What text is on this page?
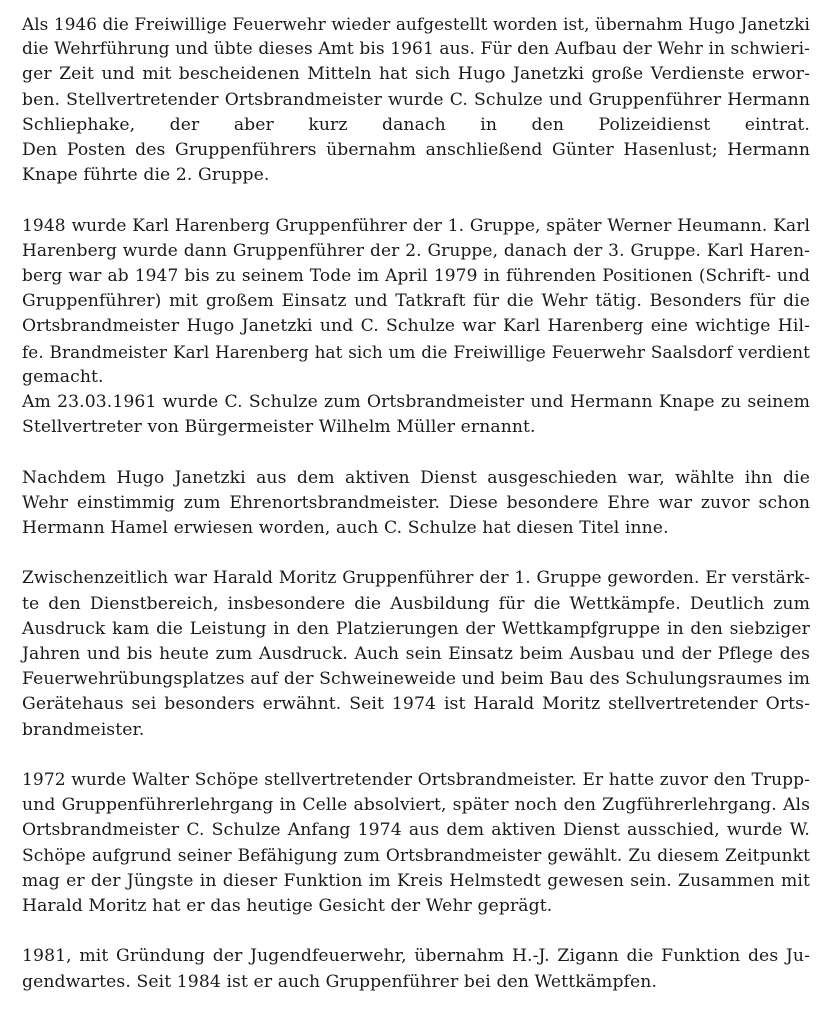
Als 1946 die Freiwillige Feuerwehr wieder aufgestellt worden ist, übernahm Hugo Janetzki
die Wehrführung und übte dieses Amt bis 1961 aus. Für den Aufbau der Wehr in schwieri-
ger Zeit und mit bescheidenen Mitteln hat sich Hugo Janetzki große Verdienste erwor-
ben. Stellvertretender Ortsbrandmeister wurde C. Schulze und Gruppenführer Hermann
Schliephake, der aber kurz danach in den Polizeidienst eintrat.
Den Posten des Gruppenführers übernahm anschließend Günter Hasenlust; Hermann
Knape führte die 2. Gruppe.

1948 wurde Karl Harenberg Gruppenführer der 1. Gruppe, später Werner Heumann. Karl
Harenberg wurde dann Gruppenführer der 2. Gruppe, danach der 3. Gruppe. Karl Haren-
berg war ab 1947 bis zu seinem Tode im April 1979 in führenden Positionen (Schrift- und
Gruppenführer) mit großem Einsatz und Tatkraft für die Wehr tätig. Besonders für die
Ortsbrandmeister Hugo Janetzki und C. Schulze war Karl Harenberg eine wichtige Hil-
fe. Brandmeister Karl Harenberg hat sich um die Freiwillige Feuerwehr Saalsdorf verdient
gemacht.
Am 23.03.1961 wurde C. Schulze zum Ortsbrandmeister und Hermann Knape zu seinem
Stellvertreter von Bürgermeister Wilhelm Müller ernannt.

Nachdem Hugo Janetzki aus dem aktiven Dienst ausgeschieden war, wählte ihn die
Wehr einstimmig zum Ehrenortsbrandmeister. Diese besondere Ehre war zuvor schon
Hermann Hamel erwiesen worden, auch C. Schulze hat diesen Titel inne.

Zwischenzeitlich war Harald Moritz Gruppenführer der 1. Gruppe geworden. Er verstärk-
te den Dienstbereich, insbesondere die Ausbildung für die Wettkämpfe. Deutlich zum
Ausdruck kam die Leistung in den Platzierungen der Wettkampfgruppe in den siebziger
Jahren und bis heute zum Ausdruck. Auch sein Einsatz beim Ausbau und der Pflege des
Feuerwehrübungsplatzes auf der Schweineweide und beim Bau des Schulungsraumes im
Gerätehaus sei besonders erwähnt. Seit 1974 ist Harald Moritz stellvertretender Orts-
brandmeister.

1972 wurde Walter Schöpe stellvertretender Ortsbrandmeister. Er hatte zuvor den Trupp-
und Gruppenführerlehrgang in Celle absolviert, später noch den Zugführerlehrgang. Als
Ortsbrandmeister C. Schulze Anfang 1974 aus dem aktiven Dienst ausschied, wurde W.
Schöpe aufgrund seiner Befähigung zum Ortsbrandmeister gewählt. Zu diesem Zeitpunkt
mag er der Jüngste in dieser Funktion im Kreis Helmstedt gewesen sein. Zusammen mit
Harald Moritz hat er das heutige Gesicht der Wehr geprägt.

1981, mit Gründung der Jugendfeuerwehr, übernahm H.-J. Zigann die Funktion des Ju-
gendwartes. Seit 1984 ist er auch Gruppenführer bei den Wettkämpfen.
